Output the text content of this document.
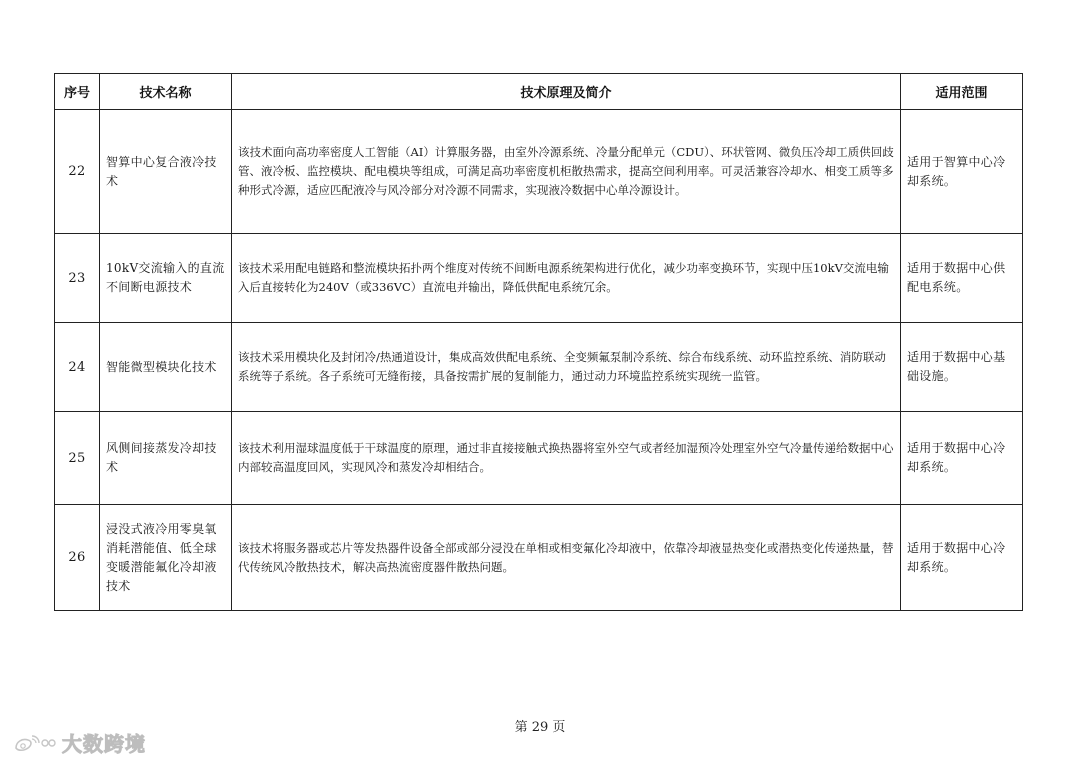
序号	技术名称	技术原理及简介	适用范围
22	智算中心复合液冷技术	该技术面向高功率密度人工智能（AI）计算服务器，由室外冷源系统、冷量分配单元（CDU）、环状管网、微负压冷却工质供回歧管、液冷板、监控模块、配电模块等组成，可满足高功率密度机柜散热需求，提高空间利用率。可灵活兼容冷却水、相变工质等多种形式冷源，适应匹配液冷与风冷部分对冷源不同需求，实现液冷数据中心单冷源设计。	适用于智算中心冷却系统。
23	10kV交流输入的直流不间断电源技术	该技术采用配电链路和整流模块拓扑两个维度对传统不间断电源系统架构进行优化，减少功率变换环节，实现中压10kV交流电输入后直接转化为240V（或336VC）直流电并输出，降低供配电系统冗余。	适用于数据中心供配电系统。
24	智能微型模块化技术	该技术采用模块化及封闭冷/热通道设计，集成高效供配电系统、全变频氟泵制冷系统、综合布线系统、动环监控系统、消防联动系统等子系统。各子系统可无缝衔接，具备按需扩展的复制能力，通过动力环境监控系统实现统一监管。	适用于数据中心基础设施。
25	风侧间接蒸发冷却技术	该技术利用湿球温度低于干球温度的原理，通过非直接接触式换热器将室外空气或者经加湿预冷处理室外空气冷量传递给数据中心内部较高温度回风，实现风冷和蒸发冷却相结合。	适用于数据中心冷却系统。
26	浸没式液冷用零臭氧消耗潜能值、低全球变暖潜能氟化冷却液技术	该技术将服务器或芯片等发热器件设备全部或部分浸没在单相或相变氟化冷却液中，依靠冷却液显热变化或潜热变化传递热量，替代传统风冷散热技术，解决高热流密度器件散热问题。	适用于数据中心冷却系统。
第 29 页
大数跨境
